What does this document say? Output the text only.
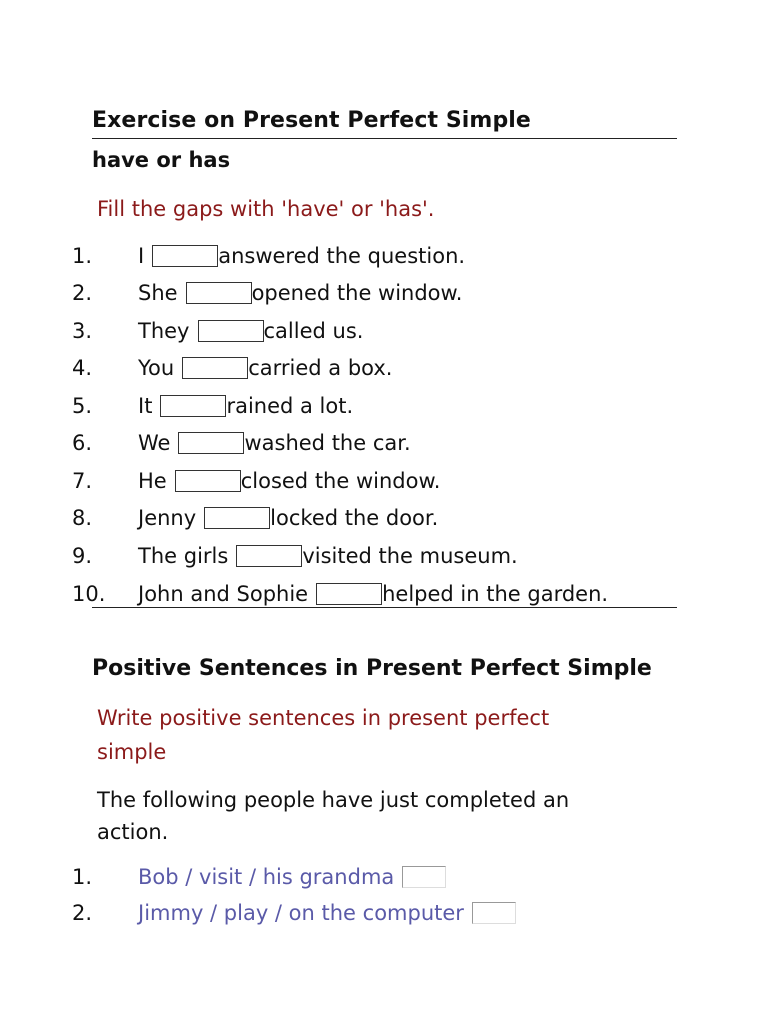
Exercise on Present Perfect Simple
have or has
Fill the gaps with 'have' or 'has'.
1.	I	answered the question.
2.	She	opened the window.
3.	They	called us.
4.	You	carried a box.
5.	It	rained a lot.
6.	We	washed the car.
7.	He	closed the window.
8.	Jenny	locked the door.
9.	The girls	visited the museum.
10.	John and Sophie	helped in the garden.
Positive Sentences in Present Perfect Simple
Write positive sentences in present perfect
simple
The following people have just completed an
action.
1.	Bob / visit / his grandma
2.	Jimmy / play / on the computer
